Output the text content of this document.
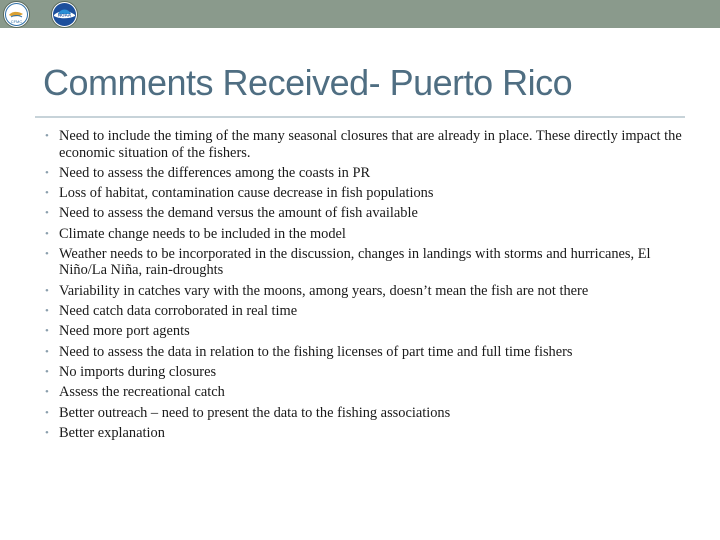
CFMC
NOAA
Comments Received- Puerto Rico
• Need to include the timing of the many seasonal closures that are already in place. These directly impact the economic situation of the fishers.
• Need to assess the differences among the coasts in PR
• Loss of habitat, contamination cause decrease in fish populations
• Need to assess the demand versus the amount of fish available
• Climate change needs to be included in the model
• Weather needs to be incorporated in the discussion, changes in landings with storms and hurricanes, El Niño/La Niña, rain-droughts
• Variability in catches vary with the moons, among years, doesn’t mean the fish are not there
• Need catch data corroborated in real time
• Need more port agents
• Need to assess the data in relation to the fishing licenses of part time and full time fishers
• No imports during closures
• Assess the recreational catch
• Better outreach – need to present the data to the fishing associations
• Better explanation
